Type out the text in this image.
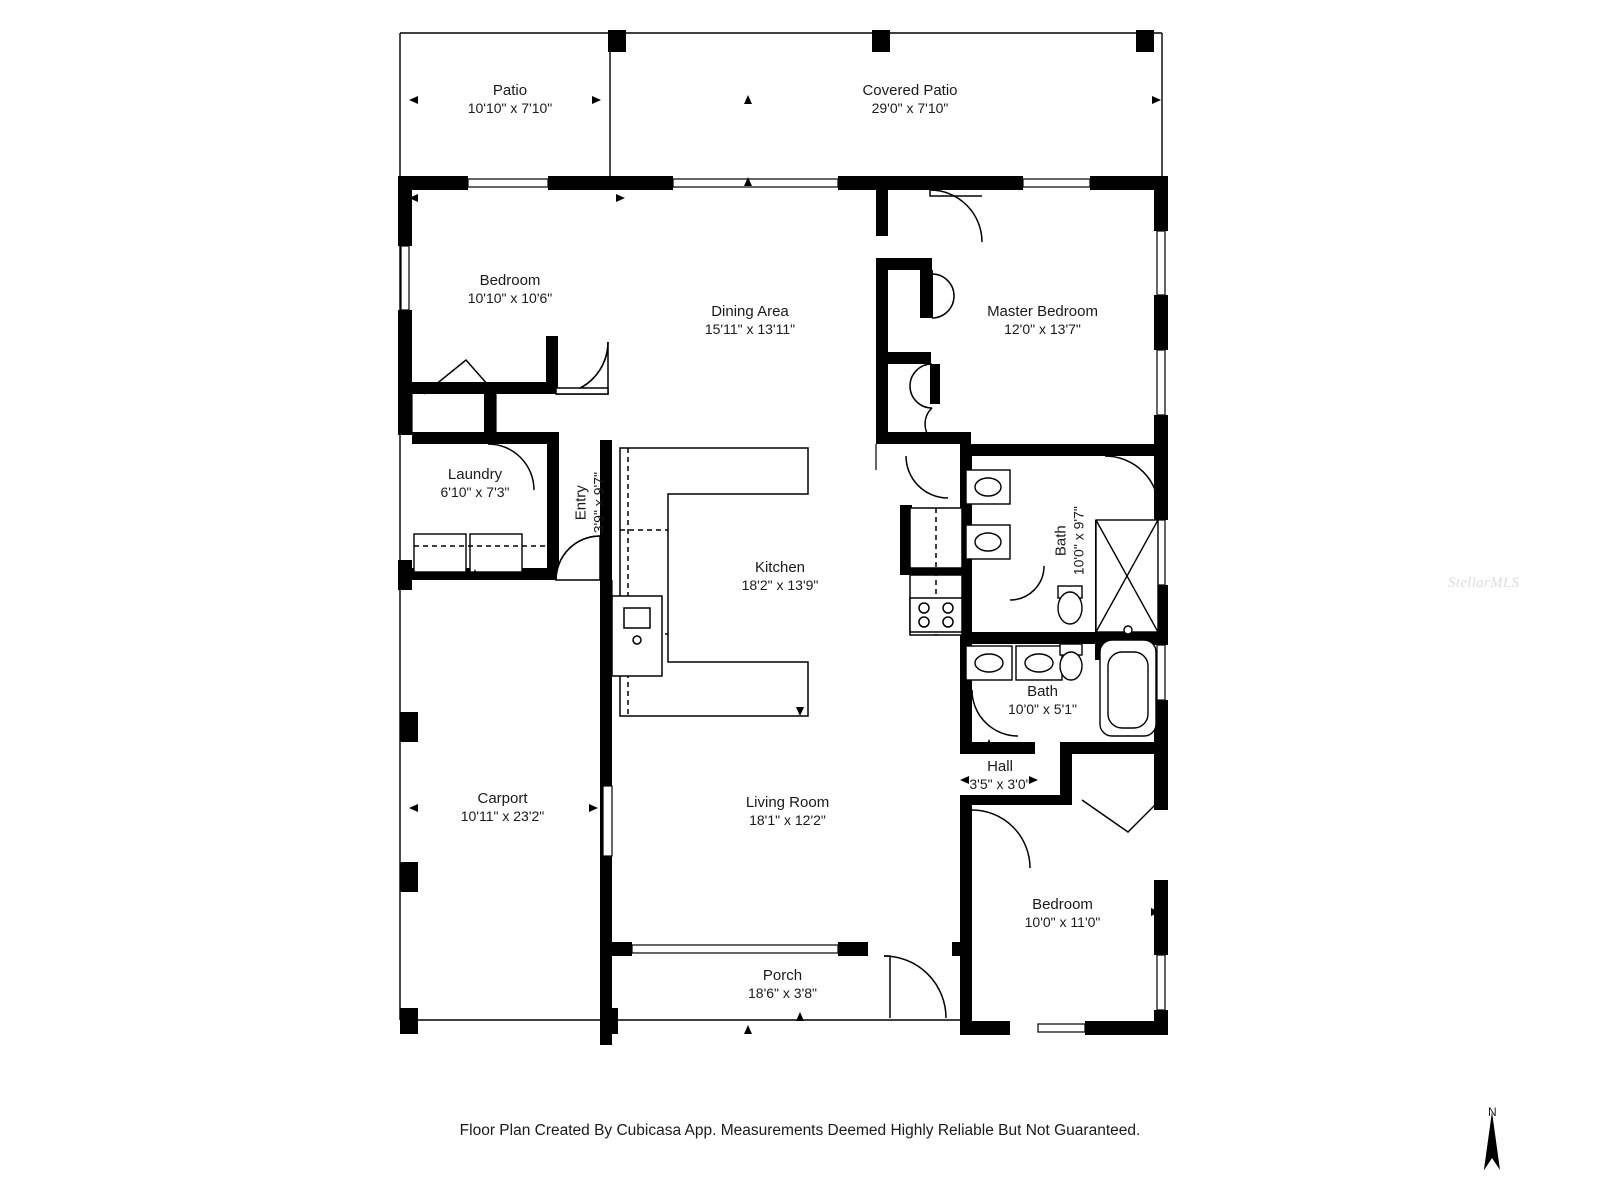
Patio
10'10" x 7'10"
Covered Patio
29'0" x 7'10"
Bedroom
10'10" x 10'6"
Dining Area
15'11" x 13'11"
Master Bedroom
12'0" x 13'7"
Laundry
6'10" x 7'3"	Entry 3'9" x 9'7"
Kitchen
18'2" x 13'9"
Bath 10'0" x 9'7"
Bath
10'0" x 5'1"
Hall
3'5" x 3'0"
Carport
10'11" x 23'2"
Living Room
18'1" x 12'2"
Porch
18'6" x 3'8"
Bedroom
10'0" x 11'0"
Floor Plan Created By Cubicasa App. Measurements Deemed Highly Reliable But Not Guaranteed.
StellarMLS
N
